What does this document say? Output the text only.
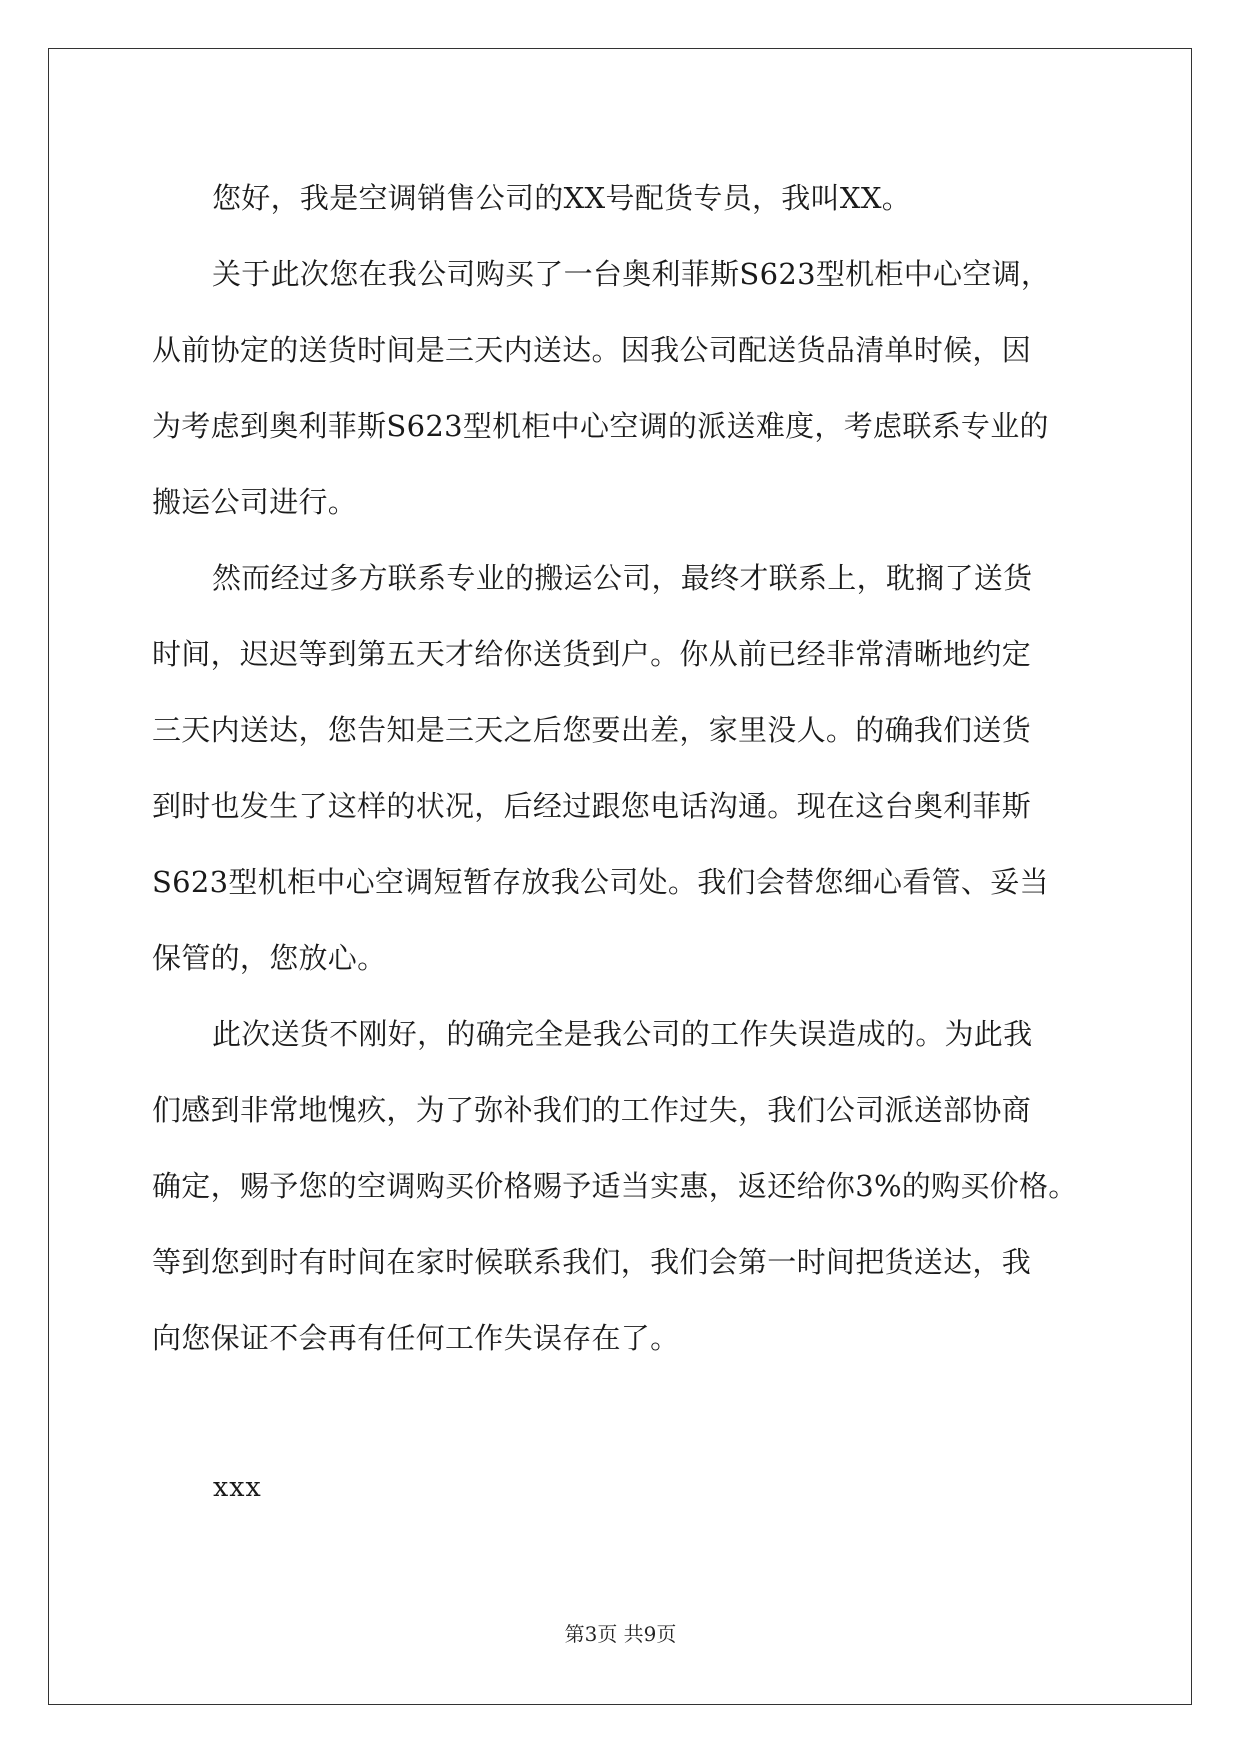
您好，我是空调销售公司的XX号配货专员，我叫XX。

关于此次您在我公司购买了一台奥利菲斯S623型机柜中心空调，

从前协定的送货时间是三天内送达。因我公司配送货品清单时候，因

为考虑到奥利菲斯S623型机柜中心空调的派送难度，考虑联系专业的

搬运公司进行。

然而经过多方联系专业的搬运公司，最终才联系上，耽搁了送货

时间，迟迟等到第五天才给你送货到户。你从前已经非常清晰地约定

三天内送达，您告知是三天之后您要出差，家里没人。的确我们送货

到时也发生了这样的状况，后经过跟您电话沟通。现在这台奥利菲斯

S623型机柜中心空调短暂存放我公司处。我们会替您细心看管、妥当

保管的，您放心。

此次送货不刚好，的确完全是我公司的工作失误造成的。为此我

们感到非常地愧疚，为了弥补我们的工作过失，我们公司派送部协商

确定，赐予您的空调购买价格赐予适当实惠，返还给你3%的购买价格。

等到您到时有时间在家时候联系我们，我们会第一时间把货送达，我

向您保证不会再有任何工作失误存在了。

xxx
第3页 共9页
